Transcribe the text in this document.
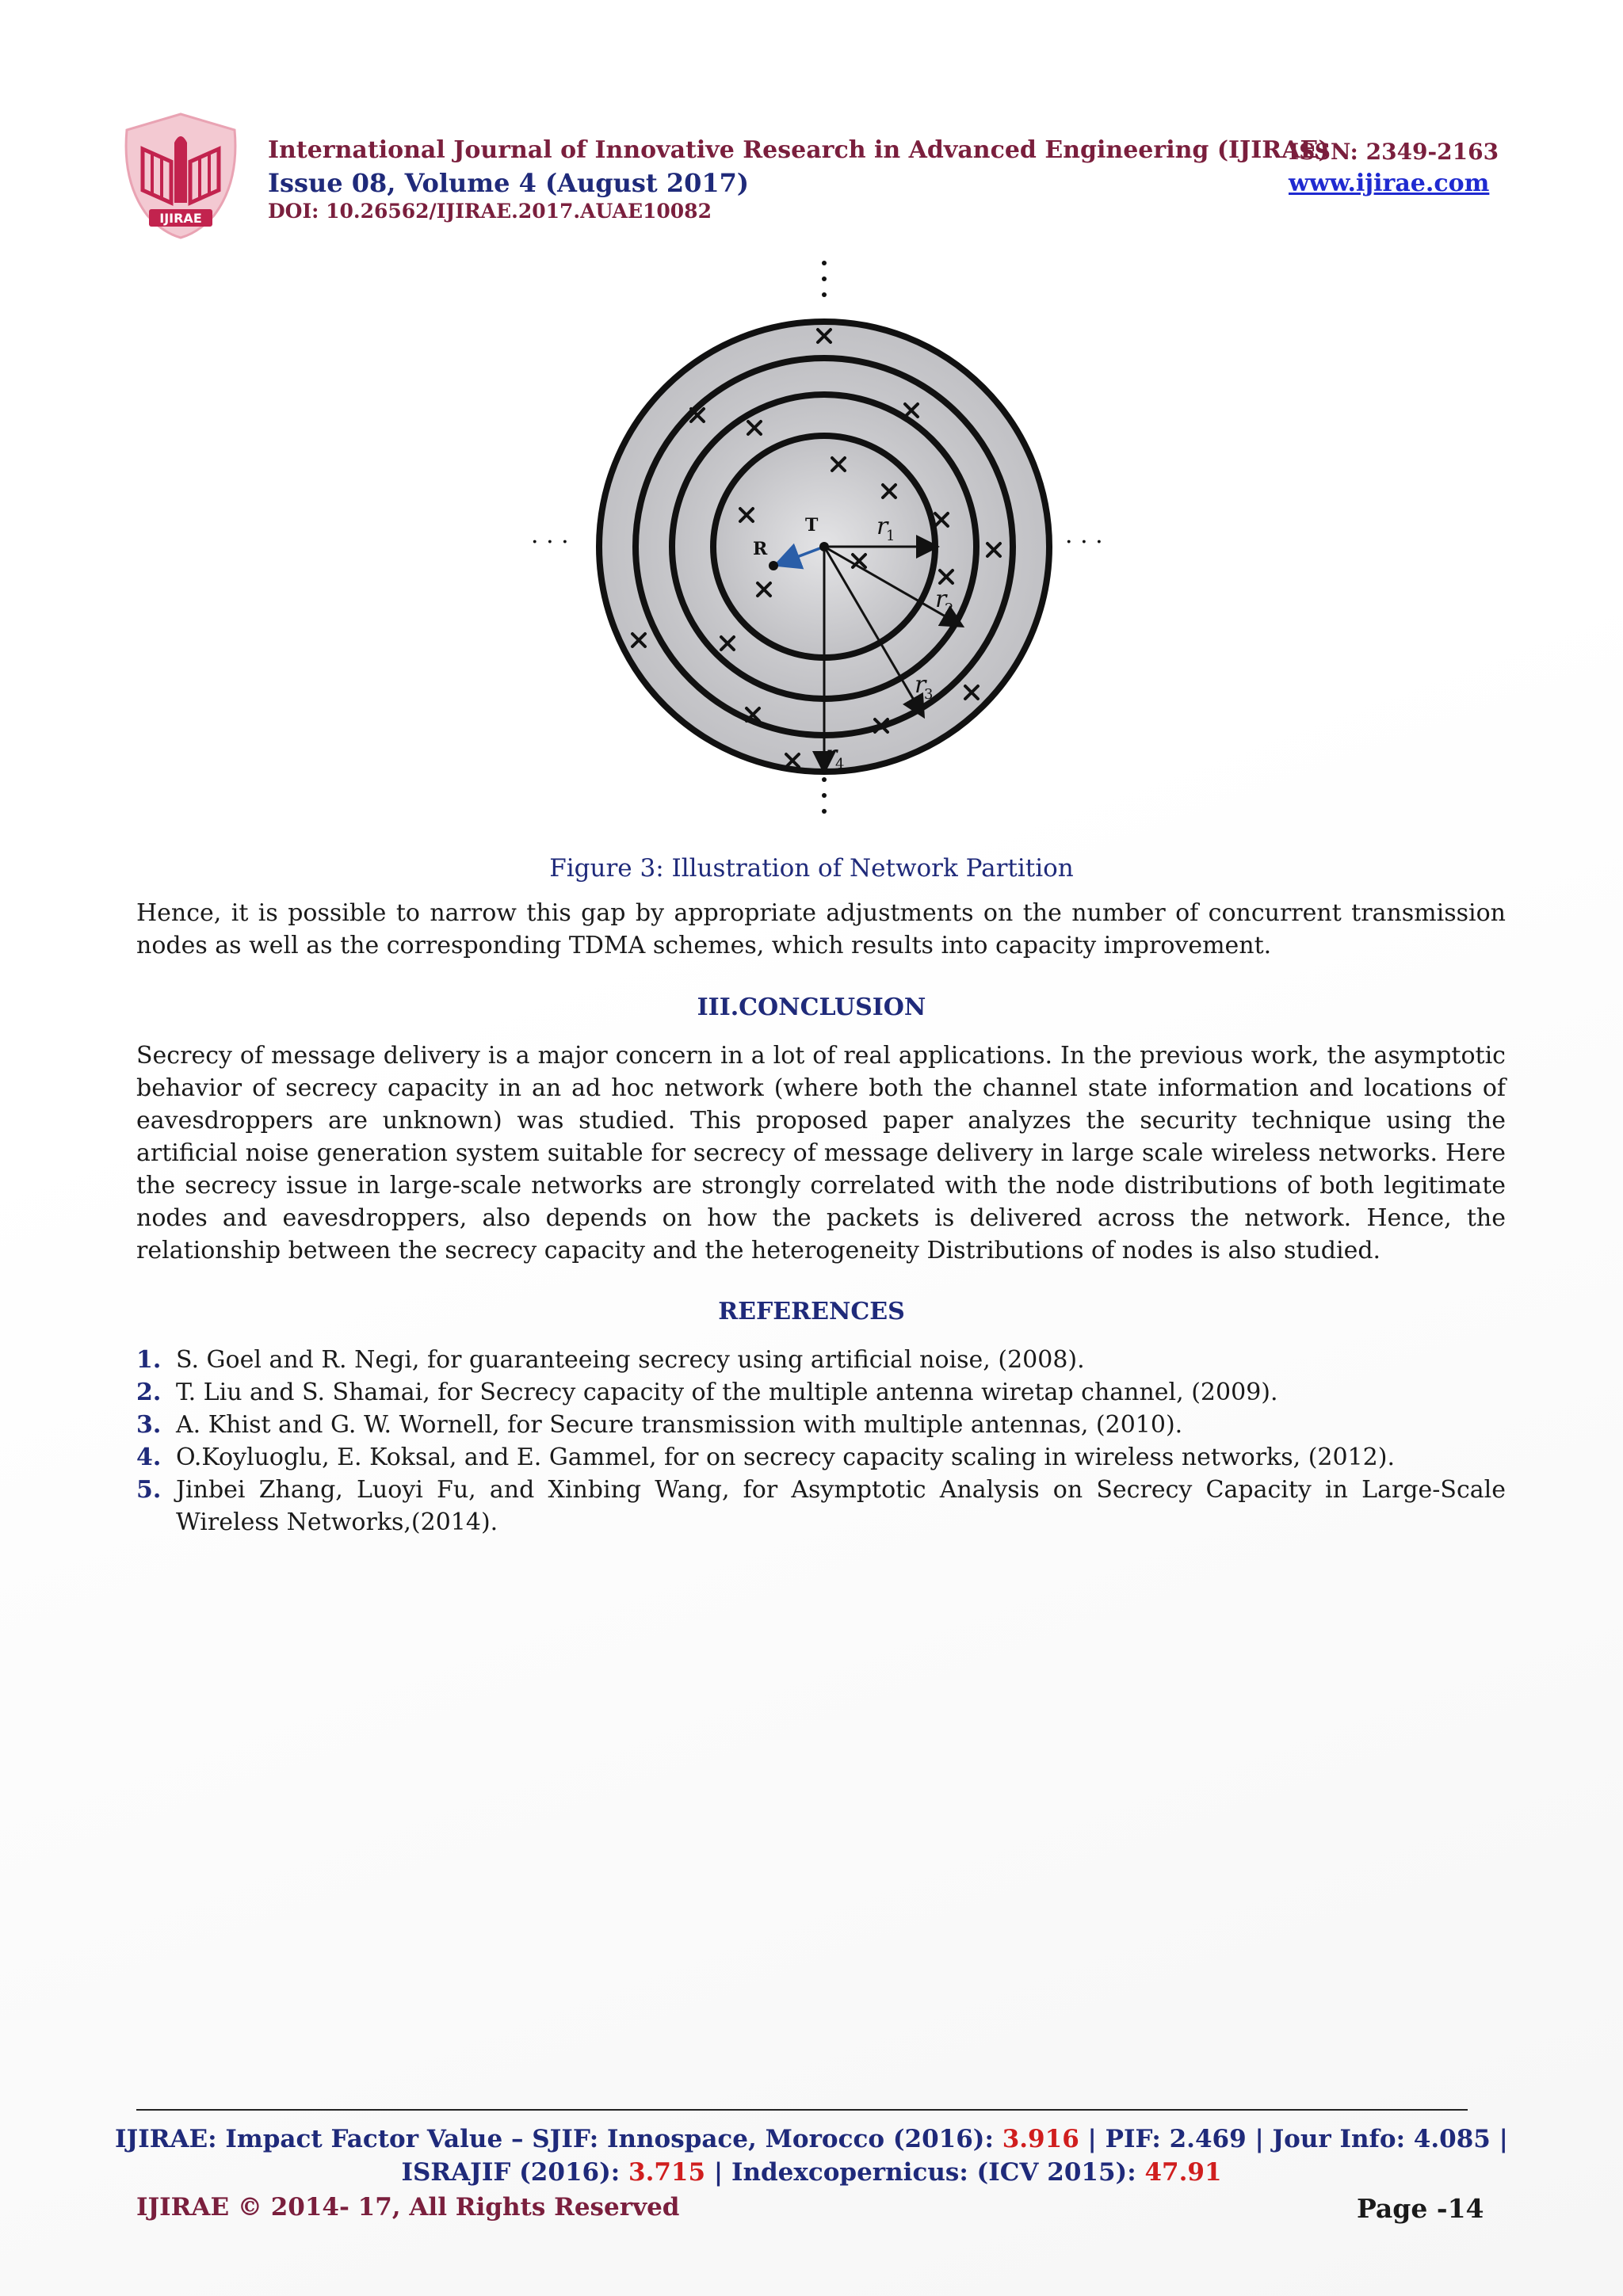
IJIRAE
International Journal of Innovative Research in Advanced Engineering (IJIRAE)
ISSN: 2349-2163
Issue 08, Volume 4 (August 2017)	www.ijirae.com
DOI: 10.26562/IJIRAE.2017.AUAE10082
· · ·	· · ·
T
R
r
1
r
2
r
3
r
4
Figure 3: Illustration of Network Partition
Hence, it is possible to narrow this gap by appropriate adjustments on the number of concurrent transmission nodes as well as the corresponding TDMA schemes, which results into capacity improvement.
III.CONCLUSION
Secrecy of message delivery is a major concern in a lot of real applications. In the previous work, the asymptotic behavior of secrecy capacity in an ad hoc network (where both the channel state information and locations of eavesdroppers are unknown) was studied. This proposed paper analyzes the security technique using the artificial noise generation system suitable for secrecy of message delivery in large scale wireless networks. Here the secrecy issue in large-scale networks are strongly correlated with the node distributions of both legitimate nodes and eavesdroppers, also depends on how the packets is delivered across the network. Hence, the relationship between the secrecy capacity and the heterogeneity Distributions of nodes is also studied.
REFERENCES
1. S. Goel and R. Negi, for guaranteeing secrecy using artificial noise, (2008).
2. T. Liu and S. Shamai, for Secrecy capacity of the multiple antenna wiretap channel, (2009).
3. A. Khist and G. W. Wornell, for Secure transmission with multiple antennas, (2010).
4. O.Koyluoglu, E. Koksal, and E. Gammel, for on secrecy capacity scaling in wireless networks, (2012).
5. Jinbei Zhang, Luoyi Fu, and Xinbing Wang, for Asymptotic Analysis on Secrecy Capacity in Large-Scale Wireless Networks,(2014).
IJIRAE: Impact Factor Value – SJIF: Innospace, Morocco (2016): 3.916 | PIF: 2.469 | Jour Info: 4.085 |
ISRAJIF (2016): 3.715 | Indexcopernicus: (ICV 2015): 47.91
IJIRAE © 2014- 17, All Rights Reserved	Page -14
